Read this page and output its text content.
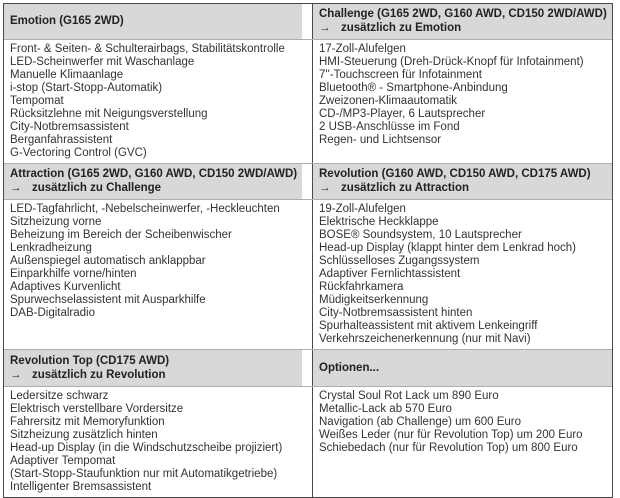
Emotion (G165 2WD)
Challenge (G165 2WD, G160 AWD, CD150 2WD/AWD)
→ zusätzlich zu Emotion
Front- & Seiten- & Schulterairbags, Stabilitätskontrolle
LED-Scheinwerfer mit Waschanlage
Manuelle Klimaanlage
i-stop (Start-Stopp-Automatik)
Tempomat
Rücksitzlehne mit Neigungsverstellung
City-Notbremsassistent
Berganfahrassistent
G-Vectoring Control (GVC)
17-Zoll-Alufelgen
HMI-Steuerung (Dreh-Drück-Knopf für Infotainment)
7''-Touchscreen für Infotainment
Bluetooth® - Smartphone-Anbindung
Zweizonen-Klimaautomatik
CD-/MP3-Player, 6 Lautsprecher
2 USB-Anschlüsse im Fond
Regen- und Lichtsensor
Attraction (G165 2WD, G160 AWD, CD150 2WD/AWD)
→ zusätzlich zu Challenge
Revolution (G160 AWD, CD150 AWD, CD175 AWD)
→ zusätzlich zu Attraction
LED-Tagfahrlicht, -Nebelscheinwerfer, -Heckleuchten
Sitzheizung vorne
Beheizung im Bereich der Scheibenwischer
Lenkradheizung
Außenspiegel automatisch anklappbar
Einparkhilfe vorne/hinten
Adaptives Kurvenlicht
Spurwechselassistent mit Ausparkhilfe
DAB-Digitalradio
19-Zoll-Alufelgen
Elektrische Heckklappe
BOSE® Soundsystem, 10 Lautsprecher
Head-up Display (klappt hinter dem Lenkrad hoch)
Schlüsselloses Zugangssystem
Adaptiver Fernlichtassistent
Rückfahrkamera
Müdigkeitserkennung
City-Notbremsassistent hinten
Spurhalteassistent mit aktivem Lenkeingriff
Verkehrszeichenerkennung (nur mit Navi)
Revolution Top (CD175 AWD)
→ zusätzlich zu Revolution
Optionen...
Ledersitze schwarz
Elektrisch verstellbare Vordersitze
Fahrersitz mit Memoryfunktion
Sitzheizung zusätzlich hinten
Head-up Display (in die Windschutzscheibe projiziert)
Adaptiver Tempomat
(Start-Stopp-Staufunktion nur mit Automatikgetriebe)
Intelligenter Bremsassistent
Crystal Soul Rot Lack um 890 Euro
Metallic-Lack ab 570 Euro
Navigation (ab Challenge) um 600 Euro
Weißes Leder (nur für Revolution Top) um 200 Euro
Schiebedach (nur für Revolution Top) um 800 Euro
